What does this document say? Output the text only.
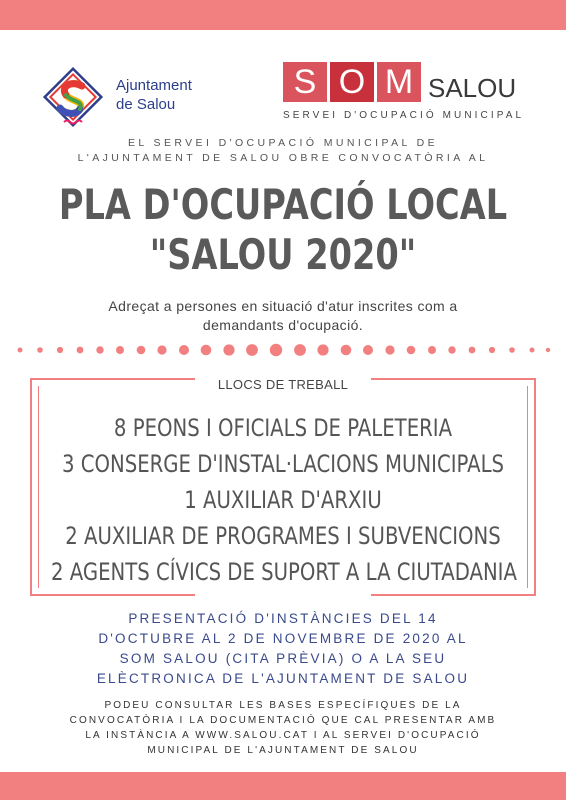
Ajuntament
de Salou
S O M SALOU
SERVEI D'OCUPACIÓ MUNICIPAL
EL SERVEI D'OCUPACIÓ MUNICIPAL DE
L'AJUNTAMENT DE SALOU OBRE CONVOCATÒRIA AL
PLA D'OCUPACIÓ LOCAL
"SALOU 2020"
Adreçat a persones en situació d'atur inscrites com a
demandants d'ocupació.
LLOCS DE TREBALL
8 PEONS I OFICIALS DE PALETERIA
3 CONSERGE D'INSTAL·LACIONS MUNICIPALS
1 AUXILIAR D'ARXIU
2 AUXILIAR DE PROGRAMES I SUBVENCIONS
2 AGENTS CÍVICS DE SUPORT A LA CIUTADANIA
PRESENTACIÓ D'INSTÀNCIES DEL 14
D'OCTUBRE AL 2 DE NOVEMBRE DE 2020 AL
SOM SALOU (CITA PRÈVIA) O A LA SEU
ELÈCTRONICA DE L'AJUNTAMENT DE SALOU
PODEU CONSULTAR LES BASES ESPECÍFIQUES DE LA
CONVOCATÒRIA I LA DOCUMENTACIÓ QUE CAL PRESENTAR AMB
LA INSTÀNCIA A WWW.SALOU.CAT I AL SERVEI D'OCUPACIÓ
MUNICIPAL DE L'AJUNTAMENT DE SALOU
